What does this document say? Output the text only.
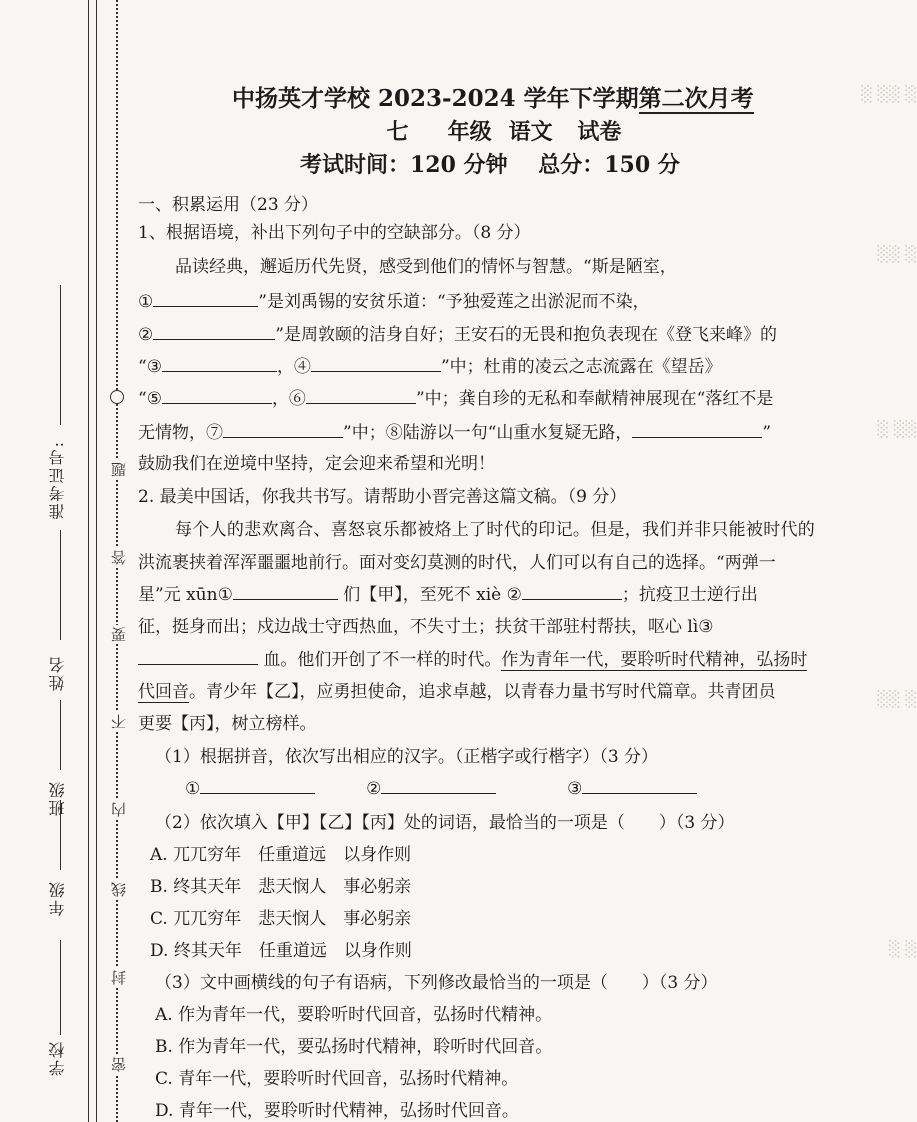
学校
年级
班级
姓名
准考证号:
密
封
线
内
不
要
答
题
░ ░░ ░
░░ ░
░ ░░
░░ ░
░ ░
中扬英才学校 2023-2024 学年下学期第二次月考
七 年级 语文 试卷
考试时间：120 分钟 总分：150 分
一、积累运用（23 分）
1、根据语境，补出下列句子中的空缺部分。（8 分）
品读经典，邂逅历代先贤，感受到他们的情怀与智慧。“斯是陋室，
①	”是刘禹锡的安贫乐道：“予独爱莲之出淤泥而不染，
②	”是周敦颐的洁身自好；王安石的无畏和抱负表现在《登飞来峰》的
“③	，④	”中；杜甫的凌云之志流露在《望岳》
“⑤	，⑥	”中；龚自珍的无私和奉献精神展现在“落红不是
无情物，⑦	”中；⑧陆游以一句“山重水复疑无路，	”
鼓励我们在逆境中坚持，定会迎来希望和光明！
2. 最美中国话，你我共书写。请帮助小晋完善这篇文稿。（9 分）
每个人的悲欢离合、喜怒哀乐都被烙上了时代的印记。但是，我们并非只能被时代的
洪流裹挟着浑浑噩噩地前行。面对变幻莫测的时代，人们可以有自己的选择。“两弹一
星”元 xūn①	们【甲】，至死不 xiè ②	；抗疫卫士逆行出
征，挺身而出；戍边战士守西热血，不失寸土；扶贫干部驻村帮扶，呕心 lì③
血。他们开创了不一样的时代。作为青年一代，要聆听时代精神，弘扬时
代回音。青少年【乙】，应勇担使命，追求卓越，以青春力量书写时代篇章。共青团员
更要【丙】，树立榜样。
（1）根据拼音，依次写出相应的汉字。（正楷字或行楷字）（3 分）
①	②	③
（2）依次填入【甲】【乙】【丙】处的词语，最恰当的一项是（　　）（3 分）
A. 兀兀穷年　任重道远　以身作则
B. 终其天年　悲天悯人　事必躬亲
C. 兀兀穷年　悲天悯人　事必躬亲
D. 终其天年　任重道远　以身作则
（3）文中画横线的句子有语病，下列修改最恰当的一项是（　　）（3 分）
A. 作为青年一代，要聆听时代回音，弘扬时代精神。
B. 作为青年一代，要弘扬时代精神，聆听时代回音。
C. 青年一代，要聆听时代回音，弘扬时代精神。
D. 青年一代，要聆听时代精神，弘扬时代回音。
